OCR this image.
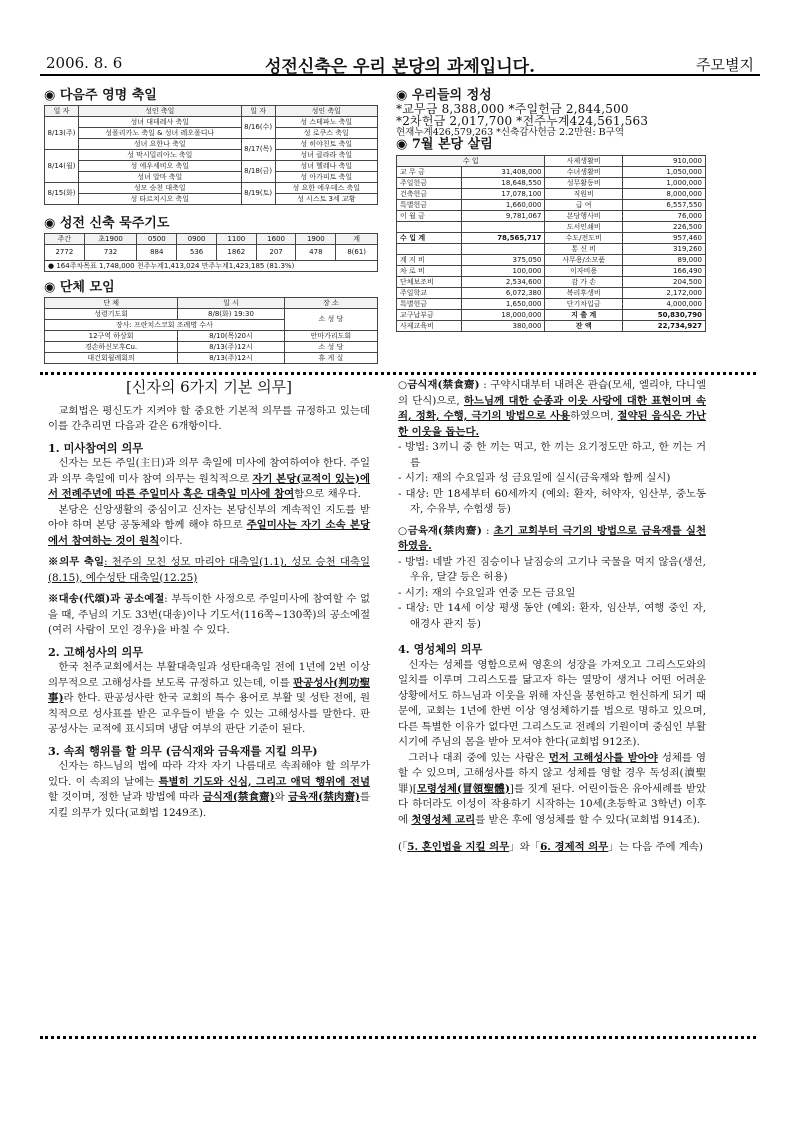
2006. 8. 6	성전신축은 우리 본당의 과제입니다.	주모별지
◉ 다음주 영명 축일
일 자	성인 축일	일 자	성인 축일
8/13(주)	성녀 대데레사 축일	8/16(수)	성 스테파노 축일
	성폴리카노 축일 & 성녀 레오폴디나		성 로쿠스 축일
	성녀 요한나 축일	8/17(목)	성 히야친토 축일
8/14(월)	성 막시밀리아노 축일		성녀 클라라 축일
	성 에우세비오 축일	8/18(금)	성녀 헬레나 축일
	성녀 알마 축일		성 아가피토 축일
8/15(화)	성모 승천 대축일	8/19(토)	성 요한 에우데스 축일
	성 타르치시오 축일		성 시스토 3세 교황
◉ 성전 신축 묵주기도
주간	초1900	0500	0900	1100	1600	1900	계
2772	732	884	536	1862	207	478	8(61)
● 164주차목표 1,748,000 천주누계1,413,024 만주누계1,423,185 (81.3%)							
◉ 단체 모임
단 체	일 시	장 소
성령기도회	8/8(화) 19:30	소 성 당
장사: 프란치스코회 조례명 수사		
12구역 하상회	8/10(목)20시	안마가리도회
경손하신모후Cu.	8/13(주)12시	소 성 당
대건회월례회의	8/13(주)12시	휴 게 실
◉ 우리들의 정성
*교무금 8,388,000 *주일헌금 2,844,500
*2차헌금 2,017,700 *전주누계424,561,563
현재누계426,579,263 *신축감사헌금 2.2만원: B구역
◉ 7월 본당 살림
수 입		사제생활비	910,000
교 무 금	31,408,000	수녀생활비	1,050,000
주일헌금	18,648,550	성무활동비	1,000,000
건축헌금	17,078,100	직원비	8,000,000
특별헌금	1,660,000	급 여	6,557,550
이 월 금	9,781,067	본당행사비	76,000
		도서인쇄비	226,500
수 입 계	78,565,717	수도/전도비	957,460
		통 신 비	319,260
계 지 비	375,050	사무용/소모품	89,000
차 로 비	100,000	이자비용	166,490
단체보조비	2,534,600	감 가 손	204,500
주일학교	6,072,380	복리후생비	2,172,000
특별헌금	1,650,000	단기차입금	4,000,000
교구납부금	18,000,000	지 출 계	50,830,790
사제교육비	380,000	잔 액	22,734,927
[신자의 6가지 기본 의무]

교회법은 평신도가 지켜야 할 중요한 기본적 의무를 규정하고 있는데 이를 간추리면 다음과 같은 6개항이다.

1. 미사참여의 의무

신자는 모든 주일(主日)과 의무 축일에 미사에 참여하여야 한다. 주일과 의무 축일에 미사 참여 의무는 원칙적으로 자기 본당(교적이 있는)에서 전례주년에 따른 주일미사 혹은 대축일 미사에 참여함으로 채우다.

본당은 신앙생활의 중심이고 신자는 본당신부의 계속적인 지도를 받아야 하며 본당 공동체와 함께 해야 하므로 주일미사는 자기 소속 본당에서 참여하는 것이 원칙이다.

※의무 축일: 천주의 모친 성모 마리아 대축일(1.1), 성모 승천 대축일(8.15), 예수성탄 대축일(12.25)

※대송(代頌)과 공소예절: 부득이한 사정으로 주일미사에 참여할 수 없을 때, 주님의 기도 33번(대송)이나 기도서(116쪽~130쪽)의 공소예절(여러 사람이 모인 경우)을 바칠 수 있다.

2. 고해성사의 의무

한국 천주교회에서는 부활대축일과 성탄대축일 전에 1년에 2번 이상 의무적으로 고해성사를 보도록 규정하고 있는데, 이를 판공성사(判功聖事)라 한다. 판공성사란 한국 교회의 특수 용어로 부활 및 성탄 전에, 원칙적으로 성사표를 받은 교우들이 받을 수 있는 고해성사를 말한다. 판공성사는 교적에 표시되며 냉담 여부의 판단 기준이 된다.

3. 속죄 행위를 할 의무 (금식재와 금육재를 지킬 의무)

신자는 하느님의 법에 따라 각자 자기 나름대로 속죄해야 할 의무가 있다. 이 속죄의 날에는 특별히 기도와 신심, 그리고 애덕 행위에 전념할 것이며, 정한 날과 방법에 따라 금식재(禁食齋)와 금육재(禁肉齋)를 지킬 의무가 있다(교회법 1249조).

○금식재(禁食齋) : 구약시대부터 내려온 관습(모세, 엘리야, 다니엘의 단식)으로, 하느님께 대한 순종과 이웃 사랑에 대한 표현이며 속죄, 정화, 수행, 극기의 방법으로 사용하였으며, 절약된 음식은 가난한 이웃을 돕는다.

- 방법: 3끼니 중 한 끼는 먹고, 한 끼는 요기정도만 하고, 한 끼는 거름

- 시기: 재의 수요일과 성 금요일에 실시(금육재와 함께 실시)

- 대상: 만 18세부터 60세까지 (예외: 환자, 허약자, 임산부, 중노동자, 수유부, 수험생 등)

○금육재(禁肉齋) : 초기 교회부터 극기의 방법으로 금육재를 실천하였음.

- 방법: 네발 가진 짐승이나 날짐승의 고기나 국물을 먹지 않음(생선, 우유, 달걀 등은 허용)

- 시기: 재의 수요일과 연중 모든 금요일

- 대상: 만 14세 이상 평생 동안 (예외: 환자, 임산부, 여행 중인 자, 애경사 관지 등)

4. 영성체의 의무

신자는 성체를 영함으로써 영혼의 성장을 가져오고 그리스도와의 일치를 이루며 그리스도를 닮고자 하는 열망이 생겨나 어떤 어려운 상황에서도 하느님과 이웃을 위해 자신을 봉헌하고 헌신하게 되기 때문에, 교회는 1년에 한번 이상 영성체하기를 법으로 명하고 있으며, 다른 특별한 이유가 없다면 그리스도교 전례의 기원이며 중심인 부활 시기에 주님의 몸을 받아 모셔야 한다(교회법 912조).

그러나 대죄 중에 있는 사람은 먼저 고해성사를 받아야 성체를 영할 수 있으며, 고해성사를 하지 않고 성체를 영할 경우 독성죄(瀆聖罪)[모령성체(冒領聖體)]를 짓게 된다. 어린이들은 유아세례를 받았다 하더라도 이성이 작용하기 시작하는 10세(초등학교 3학년) 이후에 첫영성체 교리를 받은 후에 영성체를 할 수 있다(교회법 914조).

(「5. 혼인법을 지킬 의무」와「6. 경제적 의무」는 다음 주에 계속)
